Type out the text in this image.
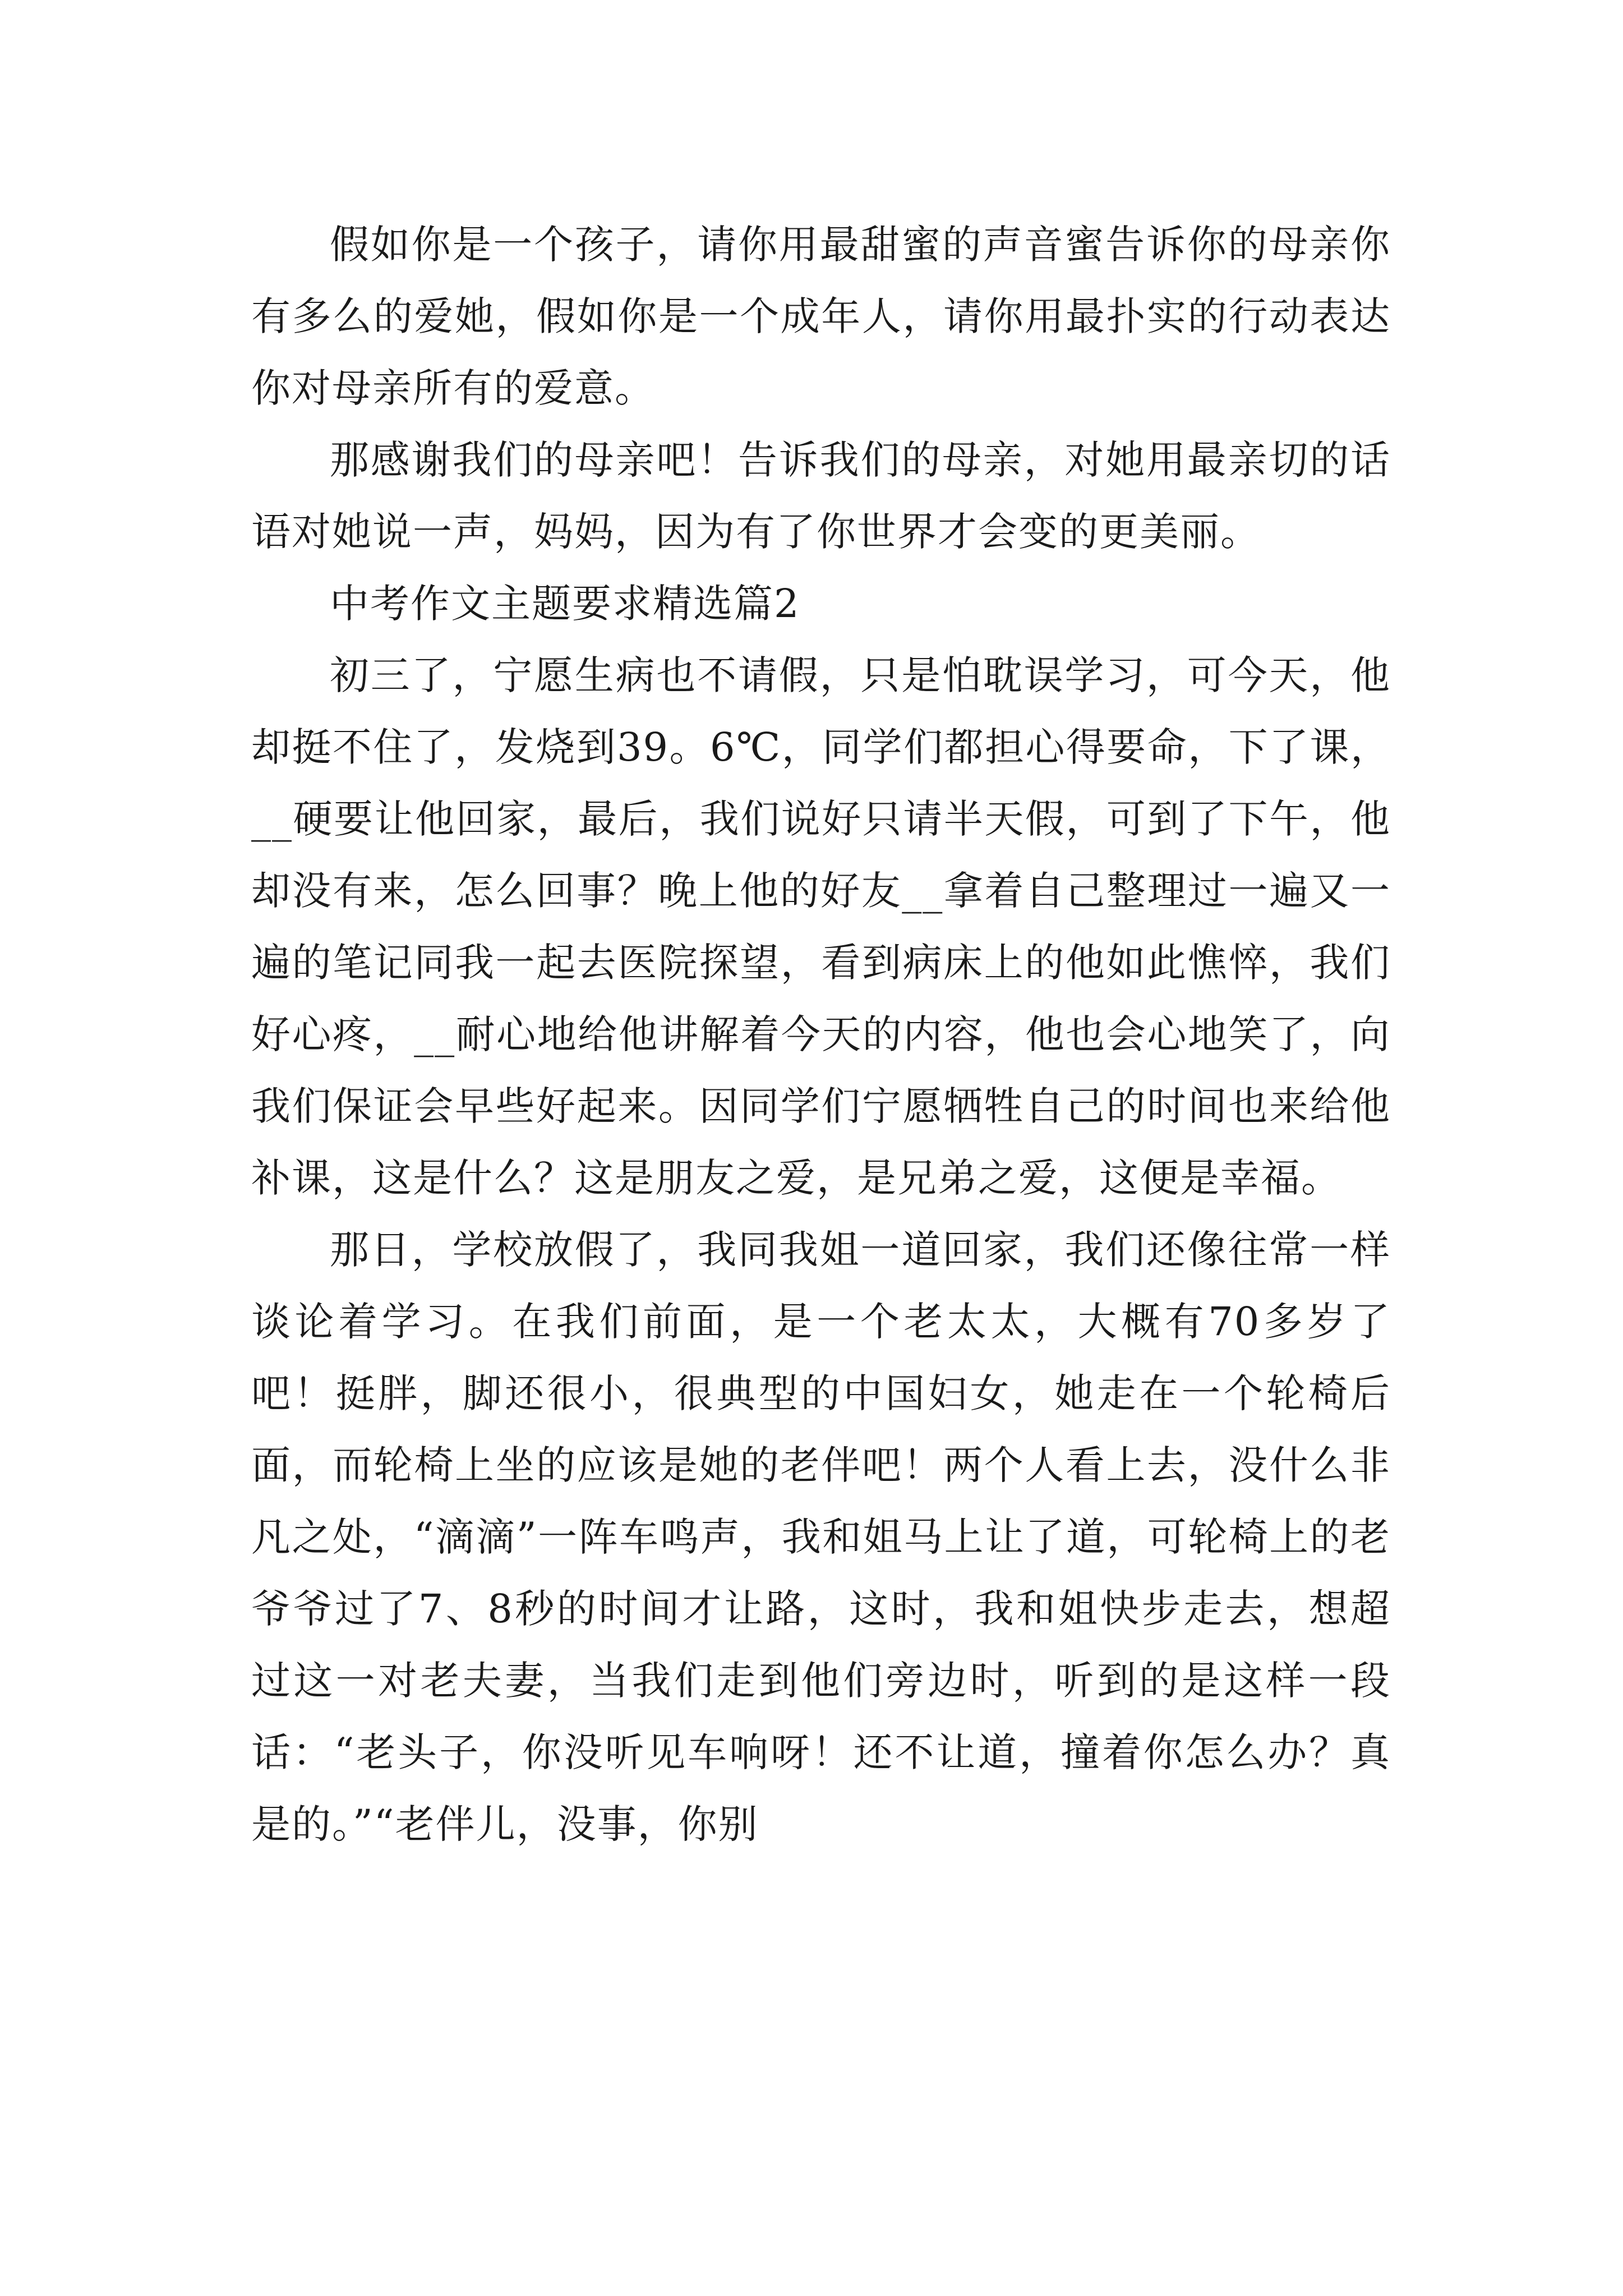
假如你是一个孩子，请你用最甜蜜的声音蜜告诉你的母亲你有多么的爱她，假如你是一个成年人，请你用最扑实的行动表达你对母亲所有的爱意。

那感谢我们的母亲吧！告诉我们的母亲，对她用最亲切的话语对她说一声，妈妈，因为有了你世界才会变的更美丽。

中考作文主题要求精选篇2

初三了，宁愿生病也不请假，只是怕耽误学习，可今天，他却挺不住了，发烧到39。6℃，同学们都担心得要命，下了课，__硬要让他回家，最后，我们说好只请半天假，可到了下午，他却没有来，怎么回事？晚上他的好友__拿着自己整理过一遍又一遍的笔记同我一起去医院探望，看到病床上的他如此憔悴，我们好心疼，__耐心地给他讲解着今天的内容，他也会心地笑了，向我们保证会早些好起来。因同学们宁愿牺牲自己的时间也来给他补课，这是什么？这是朋友之爱，是兄弟之爱，这便是幸福。

那日，学校放假了，我同我姐一道回家，我们还像往常一样谈论着学习。在我们前面，是一个老太太，大概有70多岁了吧！挺胖，脚还很小，很典型的中国妇女，她走在一个轮椅后面，而轮椅上坐的应该是她的老伴吧！两个人看上去，没什么非凡之处，“滴滴”一阵车鸣声，我和姐马上让了道，可轮椅上的老爷爷过了7、8秒的时间才让路，这时，我和姐快步走去，想超过这一对老夫妻，当我们走到他们旁边时，听到的是这样一段话：“老头子，你没听见车响呀！还不让道，撞着你怎么办？真是的。”“老伴儿，没事，你别
